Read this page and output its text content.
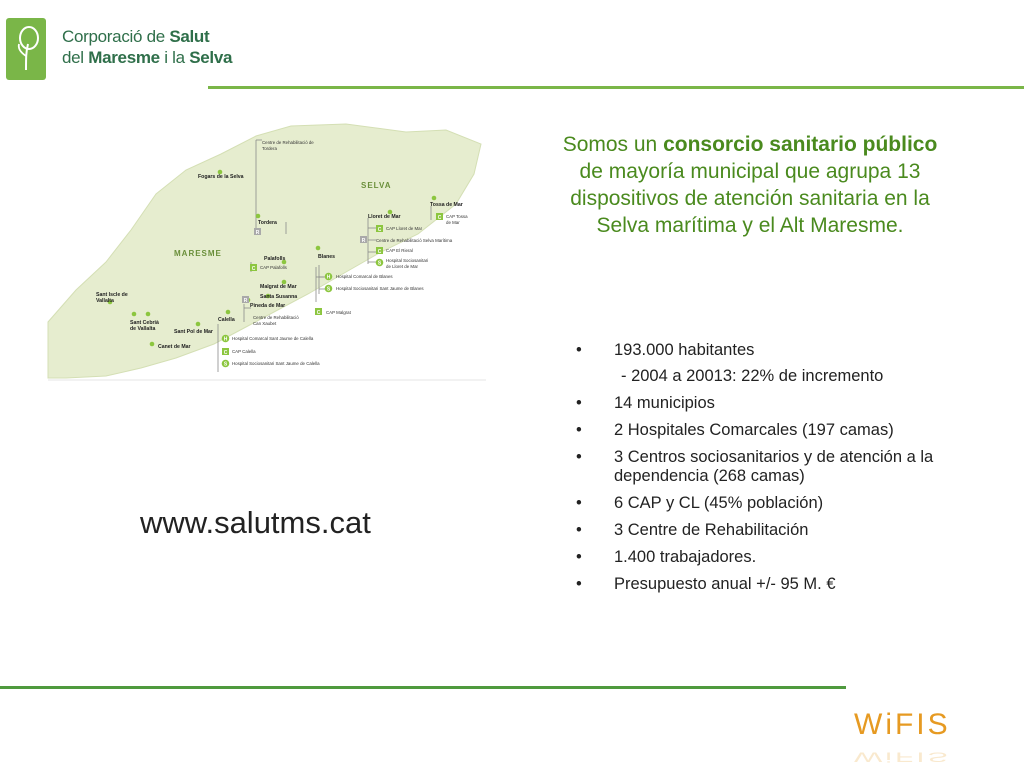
Corporació de Salut
del Maresme i la Selva
MARESME
SELVA
Fogars de la Selva
Tordera
Palafolls
Malgrat de Mar
Santa Susanna
Pineda de Mar
Calella
Sant Pol de Mar
Sant Cebrià
de Vallalta
Sant Iscle de
Vallalta
Canet de Mar
Blanes
Lloret de Mar
Tossa de Mar
Centre de Rehabilitació de
Tordera
CAP Palafolls
CAP Malgrat
Centre de Rehabilitació
Can Xaubet
Hospital Comarcal Sant Jaume de Calella
CAP Calella
Hospital Sociosanitari Sant Jaume de Calella
Hospital Comarcal de Blanes
Hospital Sociosanitari Sant Jaume de Blanes
CAP Lloret de Mar
Centre de Rehabilitació Selva Marítima
CAP El Rieral
Hospital Sociosanitari
de Lloret de Mar
CAP Tossa
de Mar
C
C
C
C
C
C
R
R
R
H
S
H
S
S
www.salutms.cat
Somos un consorcio sanitario público de mayoría municipal que agrupa 13 dispositivos de atención sanitaria en la Selva marítima y el Alt Maresme.
• 193.000 habitantes
- 2004 a 20013: 22% de incremento
• 14 municipios
• 2 Hospitales Comarcales (197 camas)
• 3 Centros sociosanitarios y de atención a la dependencia (268 camas)
• 6 CAP y CL (45% población)
• 3 Centre de Rehabilitación
• 1.400 trabajadores.
• Presupuesto anual +/- 95 M. €
WiFIS
WiFIS
